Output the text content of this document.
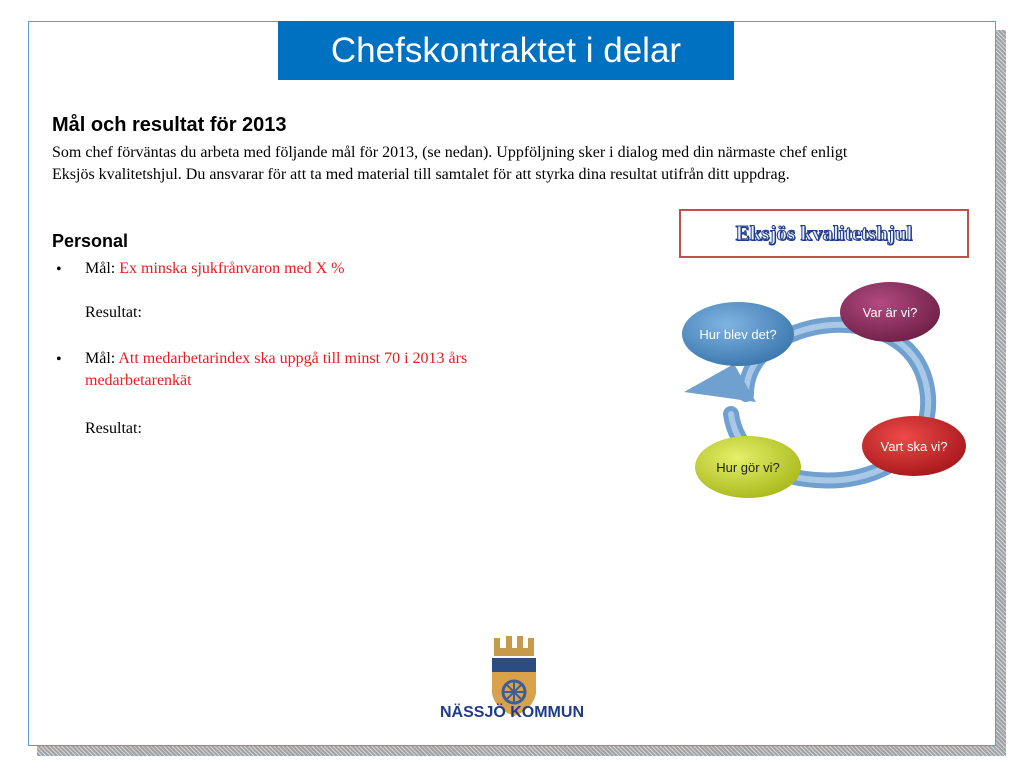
Chefskontraktet i delar
Mål och resultat för 2013
Som chef förväntas du arbeta med följande mål för 2013, (se nedan). Uppföljning sker i dialog med din närmaste chef enligt Eksjös kvalitetshjul. Du ansvarar för att ta med material till samtalet för att styrka dina resultat utifrån ditt uppdrag.
Personal
• Mål: Ex minska sjukfrånvaron med X %
Resultat:
• Mål: Att medarbetarindex ska uppgå till minst 70 i 2013 års medarbetarenkät
Resultat:
Eksjös kvalitetshjul
Var är vi?
Vart ska vi?
Hur gör vi?
Hur blev det?
NÄSSJÖ KOMMUN
